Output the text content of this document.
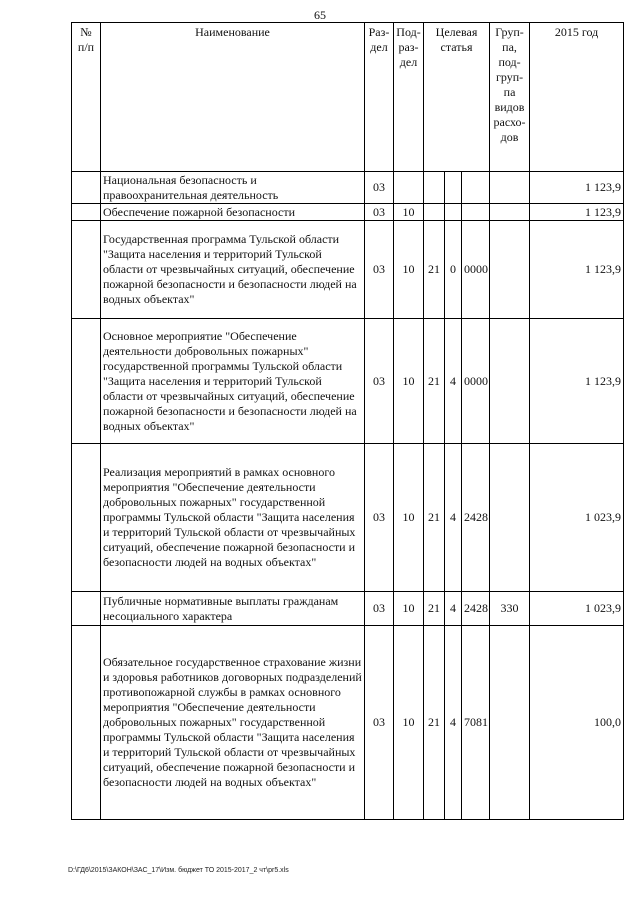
65
№ п/п	Наименование	Раз-дел	Под-раз-дел	Целевая статья			Груп-па, под-груп-па видов расхо-дов	2015 год
	Национальная безопасность и правоохранительная деятельность	03						1 123,9
	Обеспечение пожарной безопасности	03	10					1 123,9
	Государственная программа Тульской области "Защита населения и территорий Тульской области от чрезвычайных ситуаций, обеспечение пожарной безопасности и безопасности людей на водных объектах"	03	10	21	0	0000		1 123,9
	Основное мероприятие "Обеспечение деятельности добровольных пожарных" государственной программы Тульской области "Защита населения и территорий Тульской области от чрезвычайных ситуаций, обеспечение пожарной безопасности и безопасности людей на водных объектах"	03	10	21	4	0000		1 123,9
	Реализация мероприятий в рамках основного мероприятия "Обеспечение деятельности добровольных пожарных" государственной программы Тульской области "Защита населения и территорий Тульской области от чрезвычайных ситуаций, обеспечение пожарной безопасности и безопасности людей на водных объектах"	03	10	21	4	2428		1 023,9
	Публичные нормативные выплаты гражданам несоциального характера	03	10	21	4	2428	330	1 023,9
	Обязательное государственное страхование жизни и здоровья работников договорных подразделений противопожарной службы в рамках основного мероприятия "Обеспечение деятельности добровольных пожарных" государственной программы Тульской области "Защита населения и территорий Тульской области от чрезвычайных ситуаций, обеспечение пожарной безопасности и безопасности людей на водных объектах"	03	10	21	4	7081		100,0
D:\ГД6\2015\ЗАКОН\ЗАС_17\Изм. бюджет ТО 2015-2017_2 чт\pr5.xls
